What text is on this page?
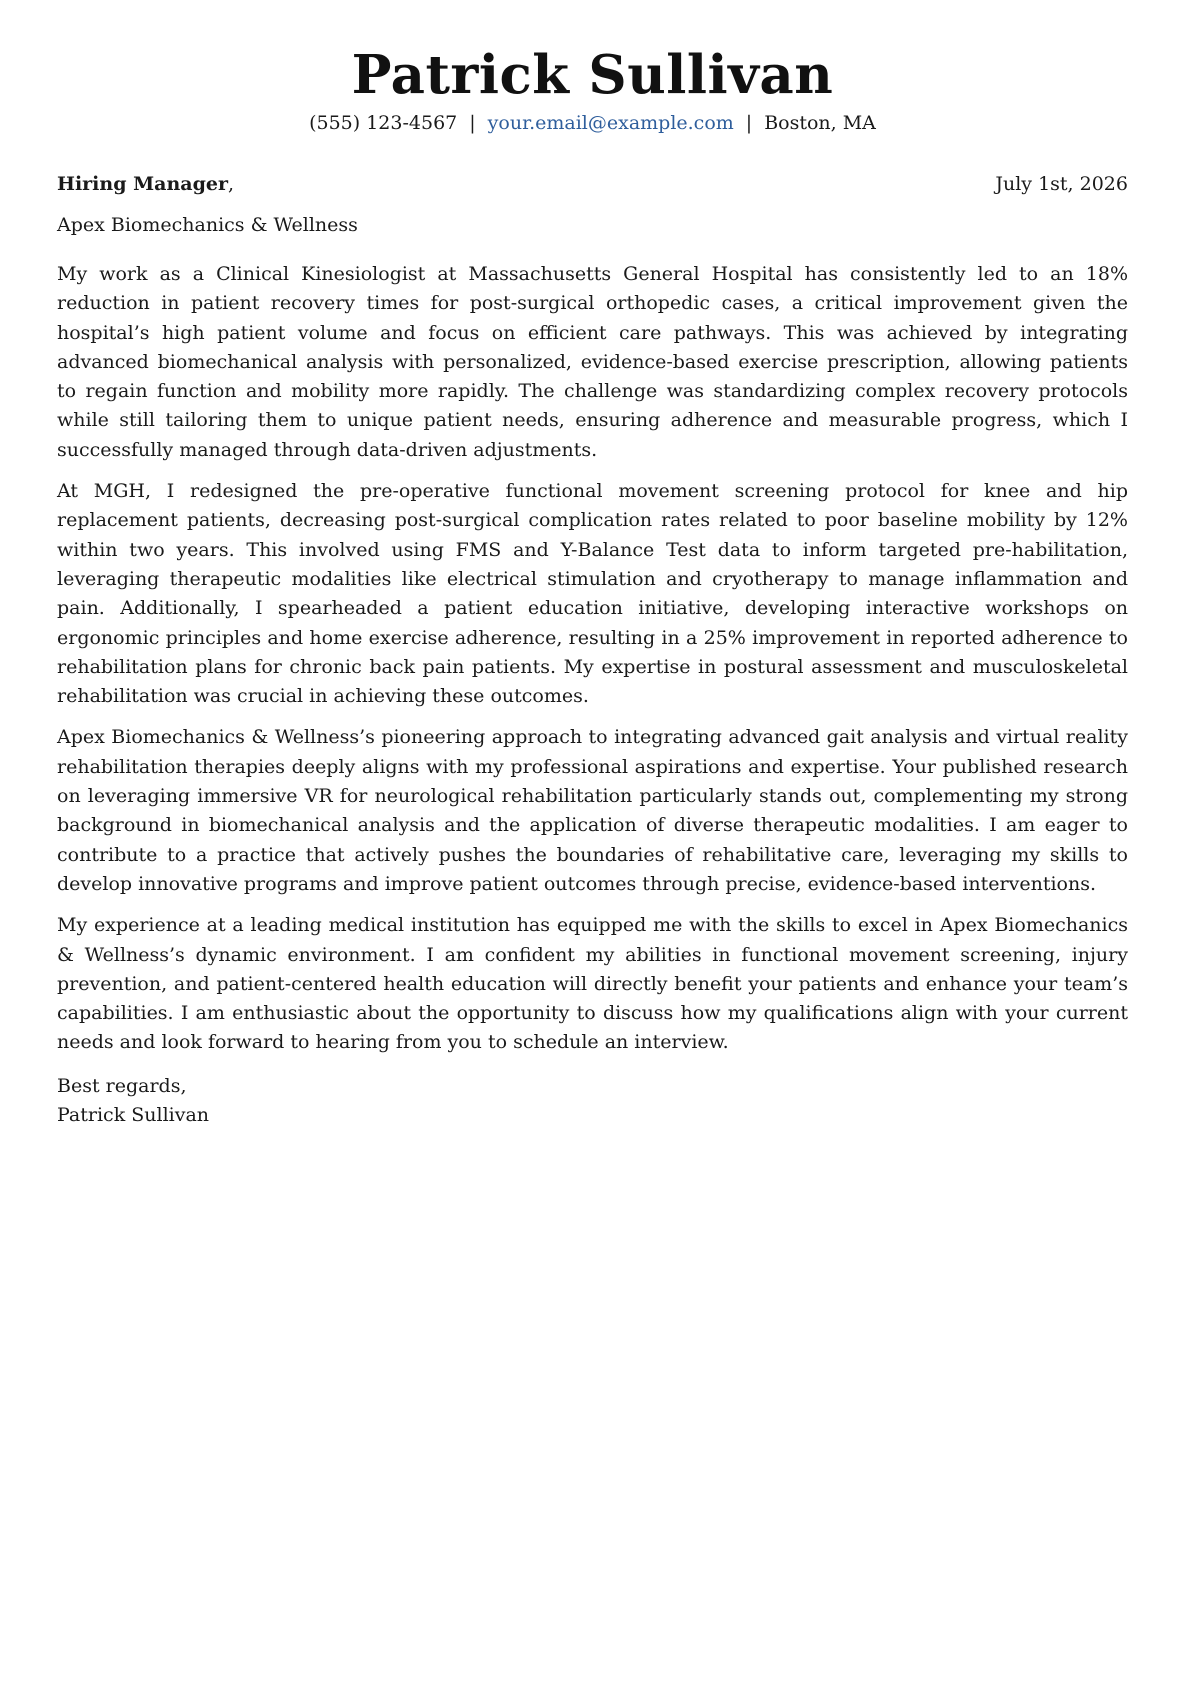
Patrick Sullivan
(555) 123-4567 | your.email@example.com | Boston, MA
Hiring Manager,	July 1st, 2026
Apex Biomechanics & Wellness

My work as a Clinical Kinesiologist at Massachusetts General Hospital has consistently led to an 18% reduction in patient recovery times for post-surgical orthopedic cases, a critical improvement given the hospital’s high patient volume and focus on efficient care pathways. This was achieved by integrating advanced biomechanical analysis with personalized, evidence-based exercise prescription, allowing patients to regain function and mobility more rapidly. The challenge was standardizing complex recovery protocols while still tailoring them to unique patient needs, ensuring adherence and measurable progress, which I successfully managed through data-driven adjustments.

At MGH, I redesigned the pre-operative functional movement screening protocol for knee and hip replacement patients, decreasing post-surgical complication rates related to poor baseline mobility by 12% within two years. This involved using FMS and Y-Balance Test data to inform targeted pre-habilitation, leveraging therapeutic modalities like electrical stimulation and cryotherapy to manage inflammation and pain. Additionally, I spearheaded a patient education initiative, developing interactive workshops on ergonomic principles and home exercise adherence, resulting in a 25% improvement in reported adherence to rehabilitation plans for chronic back pain patients. My expertise in postural assessment and musculoskeletal rehabilitation was crucial in achieving these outcomes.

Apex Biomechanics & Wellness’s pioneering approach to integrating advanced gait analysis and virtual reality rehabilitation therapies deeply aligns with my professional aspirations and expertise. Your published research on leveraging immersive VR for neurological rehabilitation particularly stands out, complementing my strong background in biomechanical analysis and the application of diverse therapeutic modalities. I am eager to contribute to a practice that actively pushes the boundaries of rehabilitative care, leveraging my skills to develop innovative programs and improve patient outcomes through precise, evidence-based interventions.

My experience at a leading medical institution has equipped me with the skills to excel in Apex Biomechanics & Wellness’s dynamic environment. I am confident my abilities in functional movement screening, injury prevention, and patient-centered health education will directly benefit your patients and enhance your team’s capabilities. I am enthusiastic about the opportunity to discuss how my qualifications align with your current needs and look forward to hearing from you to schedule an interview.

Best regards,
Patrick Sullivan
